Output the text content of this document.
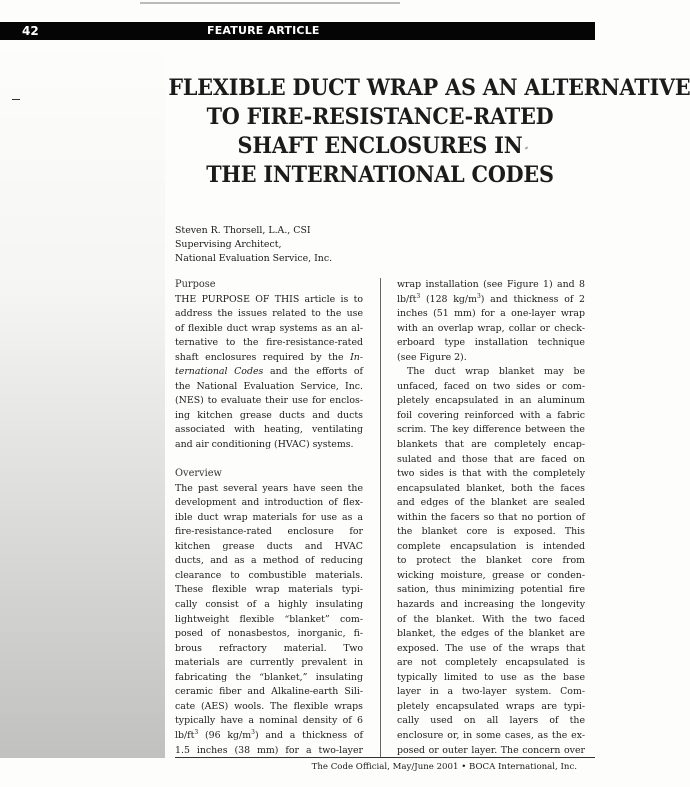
42	FEATURE ARTICLE
FLEXIBLE DUCT WRAP AS AN ALTERNATIVE
TO FIRE-RESISTANCE-RATED
SHAFT ENCLOSURES IN
THE INTERNATIONAL CODES
Steven R. Thorsell, L.A., CSI
Supervising Architect,
National Evaluation Service, Inc.
Purpose
THE PURPOSE OF THIS article is to
address the issues related to the use
of flexible duct wrap systems as an al-
ternative to the fire-resistance-rated
shaft enclosures required by the In-
ternational Codes and the efforts of
the National Evaluation Service, Inc.
(NES) to evaluate their use for enclos-
ing kitchen grease ducts and ducts
associated with heating, ventilating
and air conditioning (HVAC) systems.
Overview
The past several years have seen the
development and introduction of flex-
ible duct wrap materials for use as a
fire-resistance-rated enclosure for
kitchen grease ducts and HVAC
ducts, and as a method of reducing
clearance to combustible materials.
These flexible wrap materials typi-
cally consist of a highly insulating
lightweight flexible “blanket” com-
posed of nonasbestos, inorganic, fi-
brous refractory material. Two
materials are currently prevalent in
fabricating the “blanket,” insulating
ceramic fiber and Alkaline-earth Sili-
cate (AES) wools. The flexible wraps
typically have a nominal density of 6
$lb/ft^3$ (96 $kg/m^3$) and a thickness of
1.5 inches (38 mm) for a two-layer
wrap installation (see Figure 1) and 8
$lb/ft^3$ (128 $kg/m^3$) and thickness of 2
inches (51 mm) for a one-layer wrap
with an overlap wrap, collar or check-
erboard type installation technique
(see Figure 2).
The duct wrap blanket may be
unfaced, faced on two sides or com-
pletely encapsulated in an aluminum
foil covering reinforced with a fabric
scrim. The key difference between the
blankets that are completely encap-
sulated and those that are faced on
two sides is that with the completely
encapsulated blanket, both the faces
and edges of the blanket are sealed
within the facers so that no portion of
the blanket core is exposed. This
complete encapsulation is intended
to protect the blanket core from
wicking moisture, grease or conden-
sation, thus minimizing potential fire
hazards and increasing the longevity
of the blanket. With the two faced
blanket, the edges of the blanket are
exposed. The use of the wraps that
are not completely encapsulated is
typically limited to use as the base
layer in a two-layer system. Com-
pletely encapsulated wraps are typi-
cally used on all layers of the
enclosure or, in some cases, as the ex-
posed or outer layer. The concern over
The Code Official, May/June 2001 • BOCA International, Inc.
